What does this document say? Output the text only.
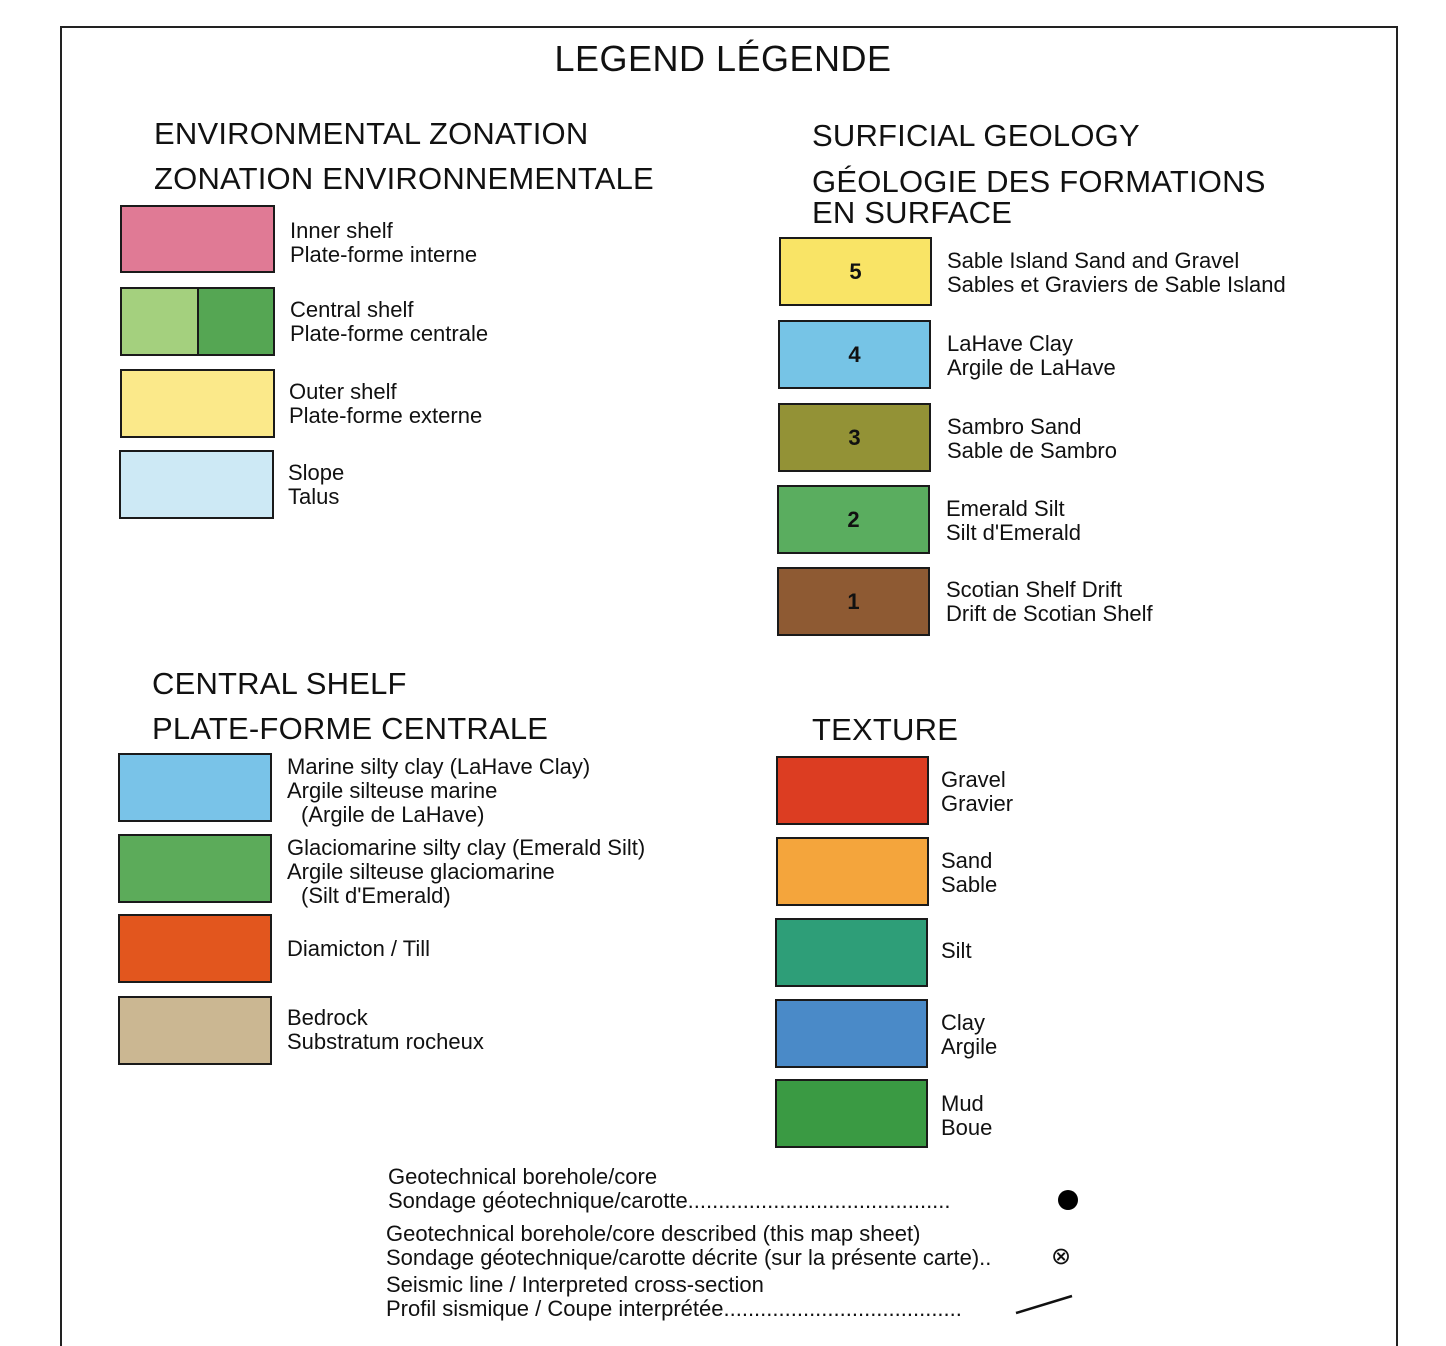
LEGEND LÉGENDE
ENVIRONMENTAL ZONATION
ZONATION ENVIRONNEMENTALE
Inner shelf
Plate-forme interne
Central shelf
Plate-forme centrale
Outer shelf
Plate-forme externe
Slope
Talus
SURFICIAL GEOLOGY
GÉOLOGIE DES FORMATIONS
EN SURFACE
5	Sable Island Sand and Gravel
Sables et Graviers de Sable Island
4	LaHave Clay
Argile de LaHave
3	Sambro Sand
Sable de Sambro
2	Emerald Silt
Silt d'Emerald
1	Scotian Shelf Drift
Drift de Scotian Shelf
CENTRAL SHELF
PLATE-FORME CENTRALE
Marine silty clay (LaHave Clay)
Argile silteuse marine
(Argile de LaHave)
Glaciomarine silty clay (Emerald Silt)
Argile silteuse glaciomarine
(Silt d'Emerald)
Diamicton / Till
Bedrock
Substratum rocheux
TEXTURE
Gravel
Gravier
Sand
Sable
Silt
Clay
Argile
Mud
Boue
Geotechnical borehole/core
Sondage géotechnique/carotte...........................................
Geotechnical borehole/core described (this map sheet)
Sondage géotechnique/carotte décrite (sur la présente carte).. ⊗
Seismic line / Interpreted cross-section
Profil sismique / Coupe interprétée.......................................
